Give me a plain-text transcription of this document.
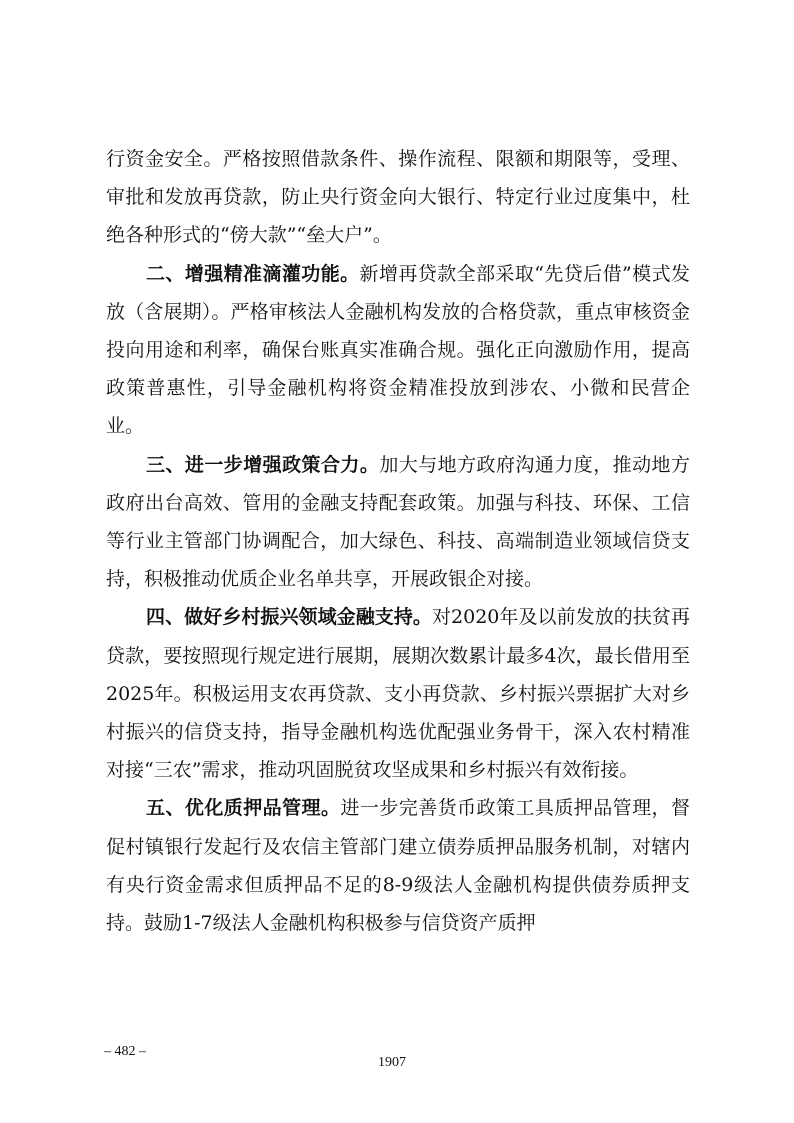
行资金安全。严格按照借款条件、操作流程、限额和期限等，受理、审批和发放再贷款，防止央行资金向大银行、特定行业过度集中，杜绝各种形式的“傍大款”“垒大户”。

二、增强精准滴灌功能。新增再贷款全部采取“先贷后借”模式发放（含展期）。严格审核法人金融机构发放的合格贷款，重点审核资金投向用途和利率，确保台账真实准确合规。强化正向激励作用，提高政策普惠性，引导金融机构将资金精准投放到涉农、小微和民营企业。

三、进一步增强政策合力。加大与地方政府沟通力度，推动地方政府出台高效、管用的金融支持配套政策。加强与科技、环保、工信等行业主管部门协调配合，加大绿色、科技、高端制造业领域信贷支持，积极推动优质企业名单共享，开展政银企对接。

四、做好乡村振兴领域金融支持。对2020年及以前发放的扶贫再贷款，要按照现行规定进行展期，展期次数累计最多4次，最长借用至2025年。积极运用支农再贷款、支小再贷款、乡村振兴票据扩大对乡村振兴的信贷支持，指导金融机构选优配强业务骨干，深入农村精准对接“三农”需求，推动巩固脱贫攻坚成果和乡村振兴有效衔接。

五、优化质押品管理。进一步完善货币政策工具质押品管理，督促村镇银行发起行及农信主管部门建立债券质押品服务机制，对辖内有央行资金需求但质押品不足的8-9级法人金融机构提供债券质押支持。鼓励1-7级法人金融机构积极参与信贷资产质押

– 482 –
1907
